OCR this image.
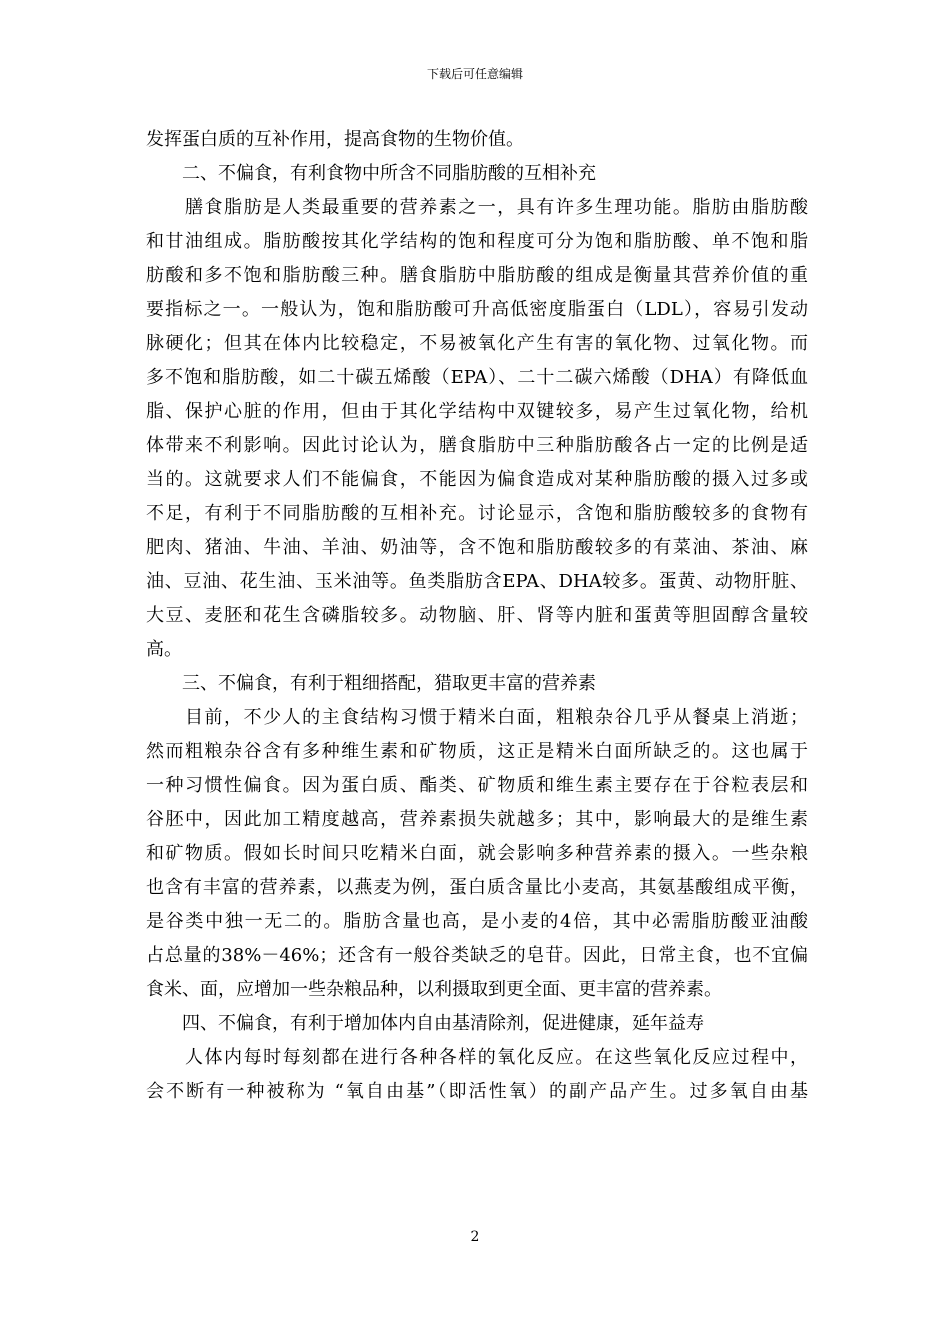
下载后可任意编辑
发挥蛋白质的互补作用，提高食物的生物价值。
　　二、不偏食，有利食物中所含不同脂肪酸的互相补充
　　膳食脂肪是人类最重要的营养素之一，具有许多生理功能。脂肪由脂肪酸
和甘油组成。脂肪酸按其化学结构的饱和程度可分为饱和脂肪酸、单不饱和脂
肪酸和多不饱和脂肪酸三种。膳食脂肪中脂肪酸的组成是衡量其营养价值的重
要指标之一。一般认为，饱和脂肪酸可升高低密度脂蛋白（LDL），容易引发动
脉硬化；但其在体内比较稳定，不易被氧化产生有害的氧化物、过氧化物。而
多不饱和脂肪酸，如二十碳五烯酸（EPA）、二十二碳六烯酸（DHA）有降低血
脂、保护心脏的作用，但由于其化学结构中双键较多，易产生过氧化物，给机
体带来不利影响。因此讨论认为，膳食脂肪中三种脂肪酸各占一定的比例是适
当的。这就要求人们不能偏食，不能因为偏食造成对某种脂肪酸的摄入过多或
不足，有利于不同脂肪酸的互相补充。讨论显示，含饱和脂肪酸较多的食物有
肥肉、猪油、牛油、羊油、奶油等，含不饱和脂肪酸较多的有菜油、茶油、麻
油、豆油、花生油、玉米油等。鱼类脂肪含EPA、DHA较多。蛋黄、动物肝脏、
大豆、麦胚和花生含磷脂较多。动物脑、肝、肾等内脏和蛋黄等胆固醇含量较
高。
　　三、不偏食，有利于粗细搭配，猎取更丰富的营养素
　　目前，不少人的主食结构习惯于精米白面，粗粮杂谷几乎从餐桌上消逝；
然而粗粮杂谷含有多种维生素和矿物质，这正是精米白面所缺乏的。这也属于
一种习惯性偏食。因为蛋白质、酯类、矿物质和维生素主要存在于谷粒表层和
谷胚中，因此加工精度越高，营养素损失就越多；其中，影响最大的是维生素
和矿物质。假如长时间只吃精米白面，就会影响多种营养素的摄入。一些杂粮
也含有丰富的营养素，以燕麦为例，蛋白质含量比小麦高，其氨基酸组成平衡，
是谷类中独一无二的。脂肪含量也高，是小麦的4倍，其中必需脂肪酸亚油酸
占总量的38%－46%；还含有一般谷类缺乏的皂苷。因此，日常主食，也不宜偏
食米、面，应增加一些杂粮品种，以利摄取到更全面、更丰富的营养素。
　　四、不偏食，有利于增加体内自由基清除剂，促进健康，延年益寿
　　人体内每时每刻都在进行各种各样的氧化反应。在这些氧化反应过程中，
会不断有一种被称为 “氧自由基”（即活性氧）的副产品产生。过多氧自由基
2
